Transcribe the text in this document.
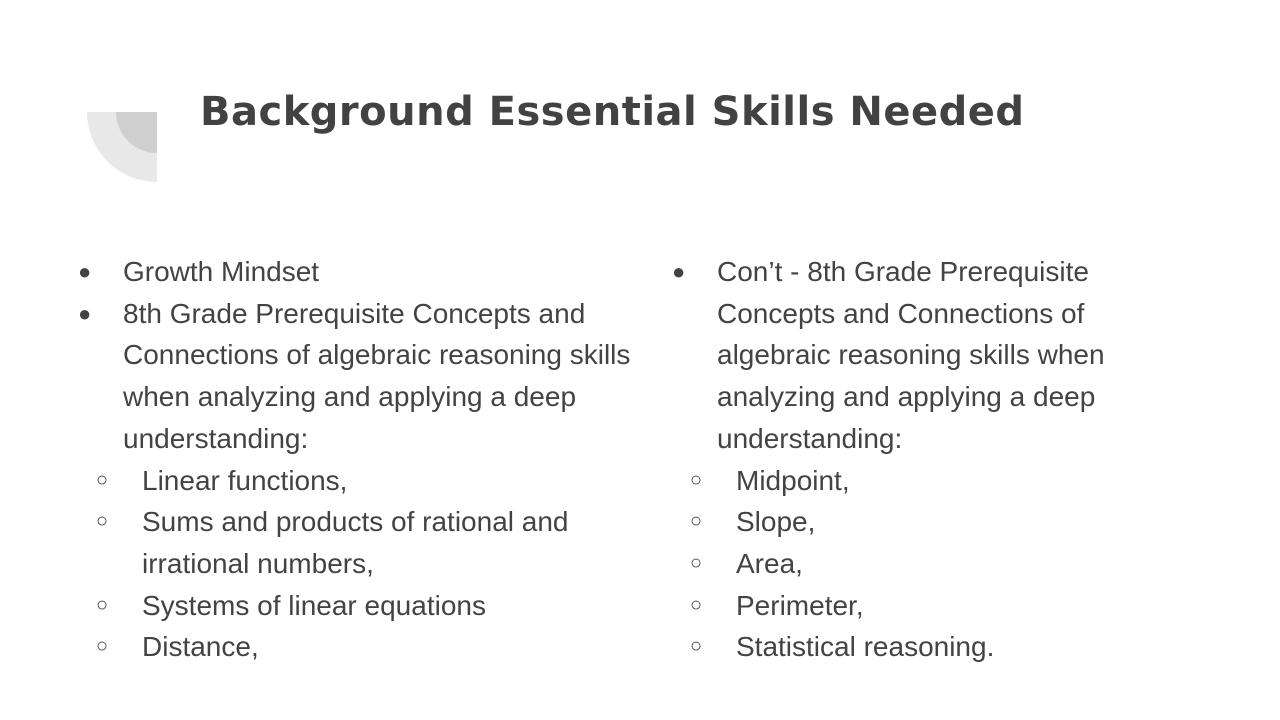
Background Essential Skills Needed
● Growth Mindset
● 8th Grade Prerequisite Concepts and Connections of algebraic reasoning skills when analyzing and applying a deep understanding:
○ Linear functions,
○ Sums and products of rational and irrational numbers,
○ Systems of linear equations
○ Distance,
● Con’t - 8th Grade Prerequisite Concepts and Connections of algebraic reasoning skills when analyzing and applying a deep understanding:
○ Midpoint,
○ Slope,
○ Area,
○ Perimeter,
○ Statistical reasoning.
